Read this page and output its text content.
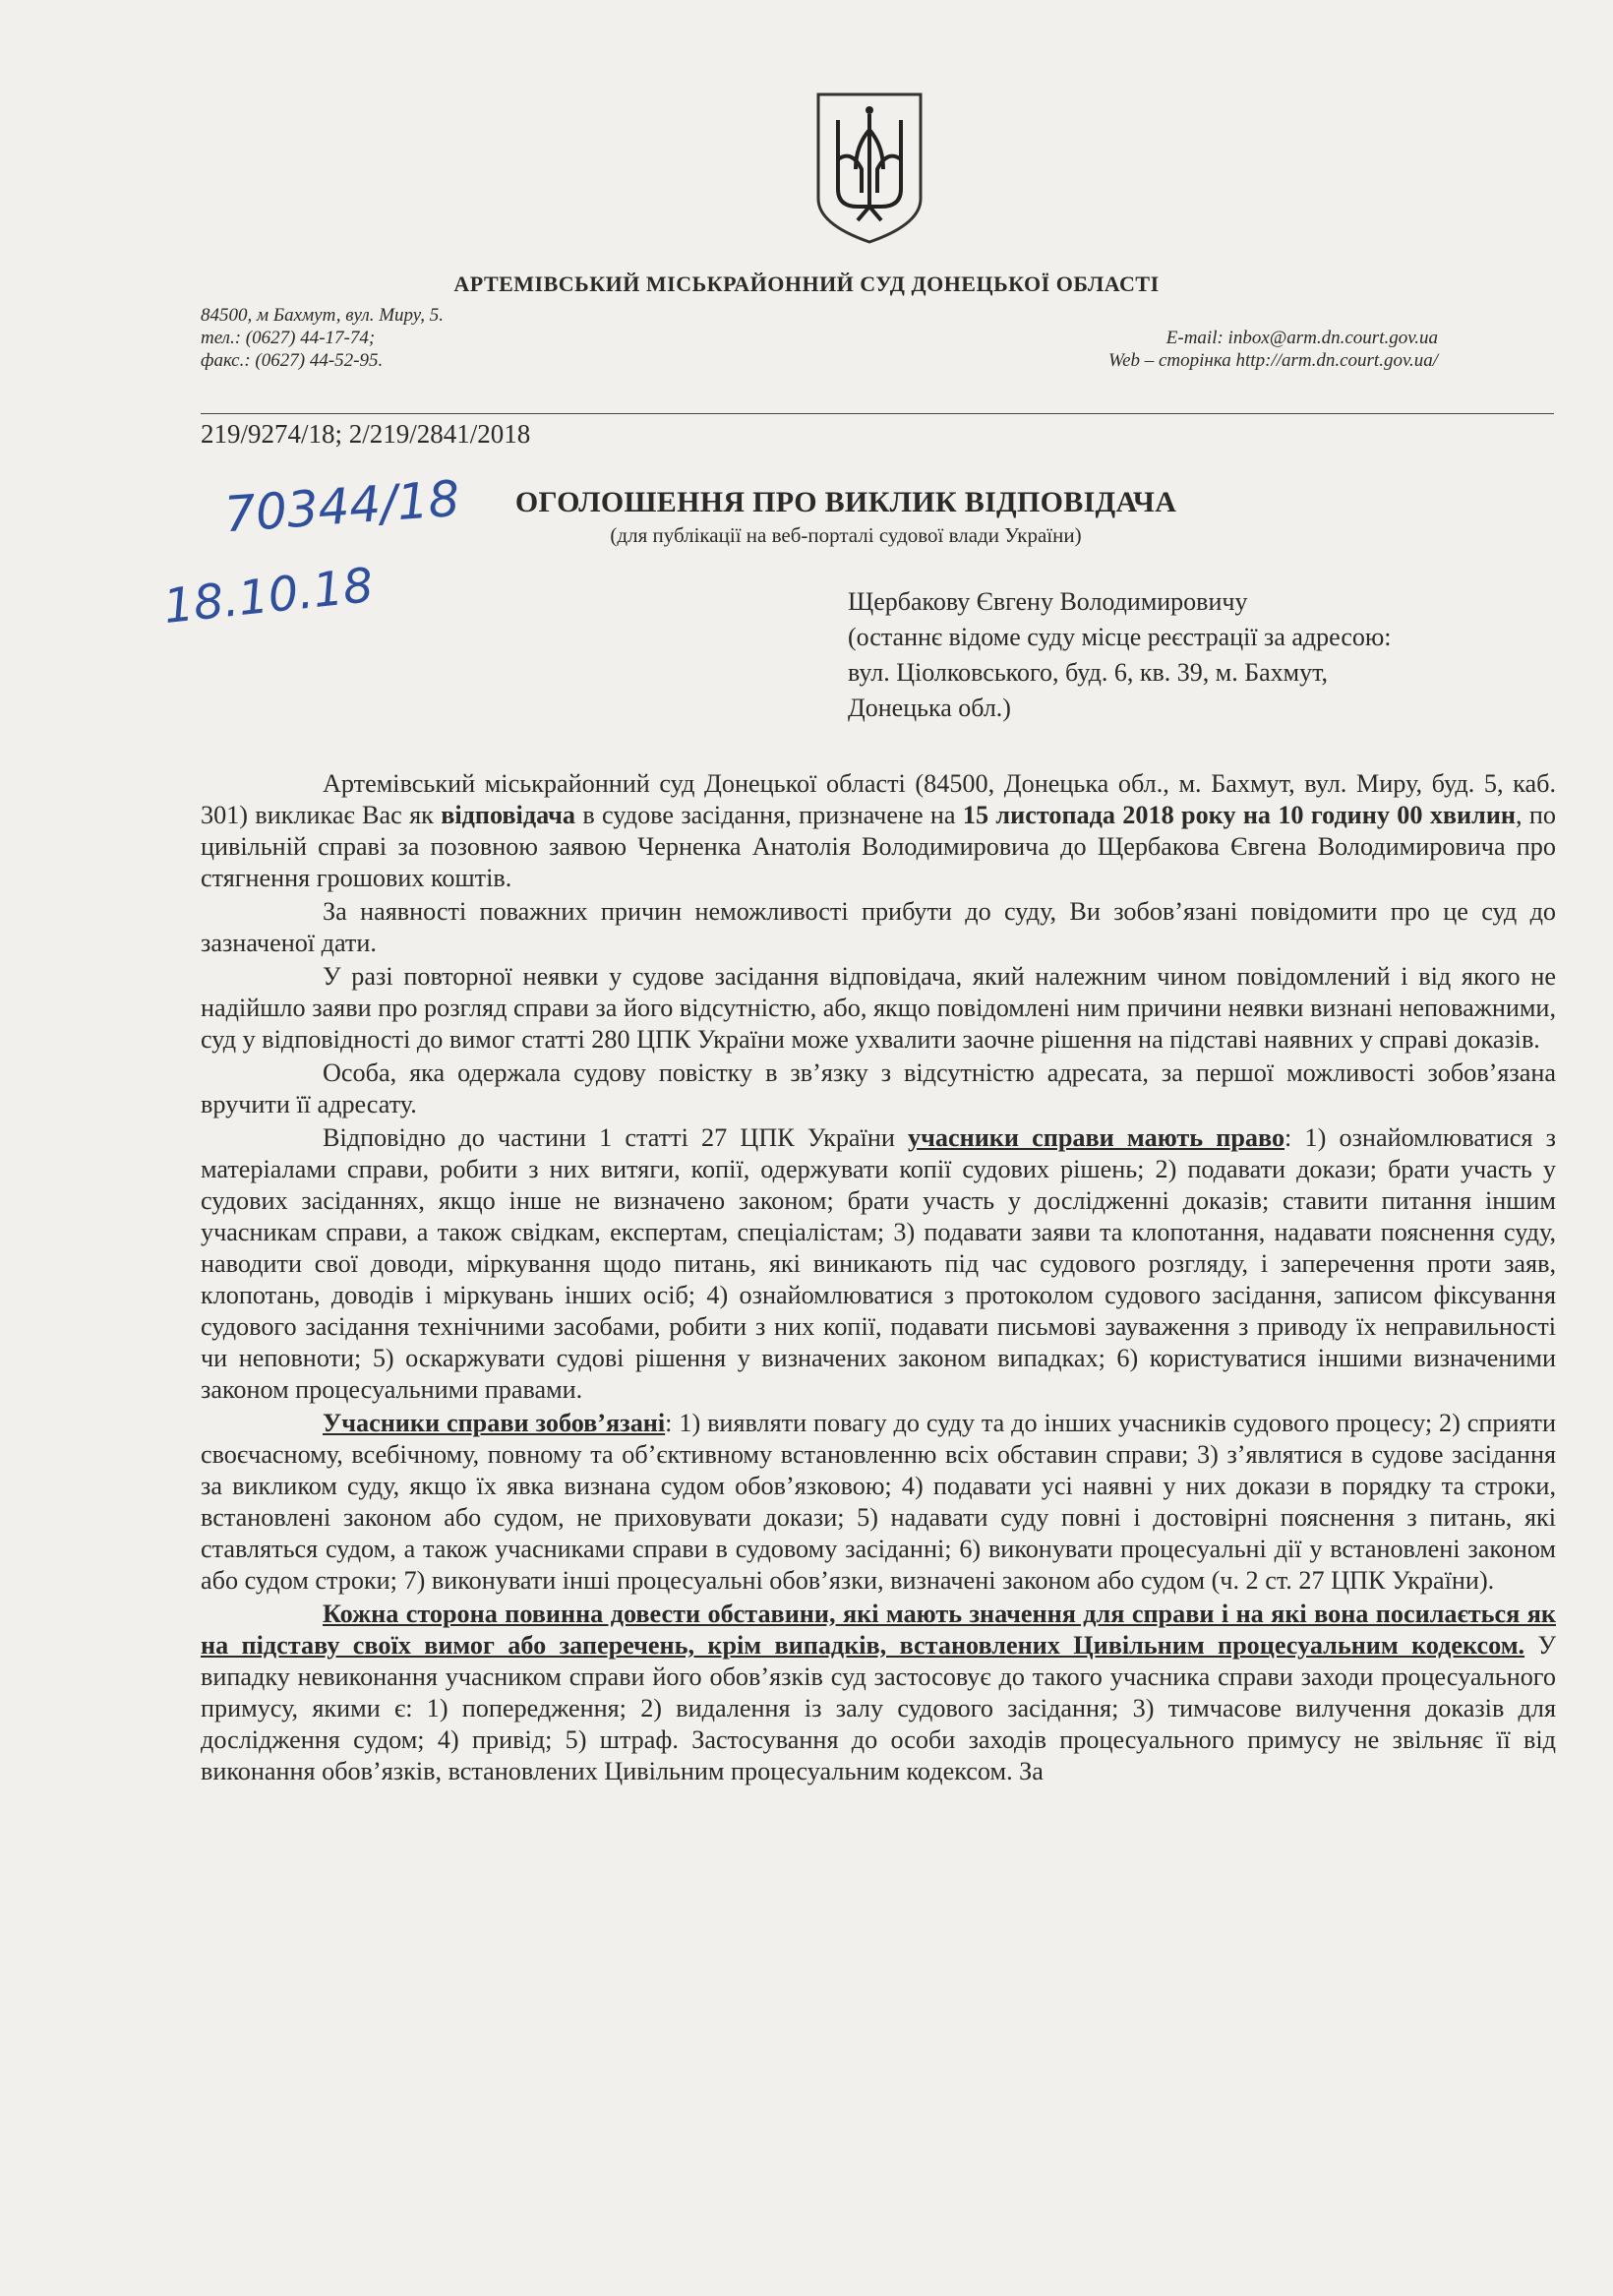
АРТЕМІВСЬКИЙ МІСЬКРАЙОННИЙ СУД ДОНЕЦЬКОЇ ОБЛАСТІ
84500, м Бахмут, вул. Миру, 5.
тел.: (0627) 44-17-74;
факс.: (0627) 44-52-95.
E-mail: inbox@arm.dn.court.gov.ua
Web – сторінка http://arm.dn.court.gov.ua/
219/9274/18; 2/219/2841/2018
70344/18
18.10.18
ОГОЛОШЕННЯ ПРО ВИКЛИК ВІДПОВІДАЧА
(для публікації на веб-порталі судової влади України)
Щербакову Євгену Володимировичу
(останнє відоме суду місце реєстрації за адресою:
вул. Ціолковського, буд. 6, кв. 39, м. Бахмут,
Донецька обл.)

Артемівський міськрайонний суд Донецької області (84500, Донецька обл., м. Бахмут, вул. Миру, буд. 5, каб. 301) викликає Вас як відповідача в судове засідання, призначене на 15 листопада 2018 року на 10 годину 00 хвилин, по цивільній справі за позовною заявою Черненка Анатолія Володимировича до Щербакова Євгена Володимировича про стягнення грошових коштів.

За наявності поважних причин неможливості прибути до суду, Ви зобов’язані повідомити про це суд до зазначеної дати.

У разі повторної неявки у судове засідання відповідача, який належним чином повідомлений і від якого не надійшло заяви про розгляд справи за його відсутністю, або, якщо повідомлені ним причини неявки визнані неповажними, суд у відповідності до вимог статті 280 ЦПК України може ухвалити заочне рішення на підставі наявних у справі доказів.

Особа, яка одержала судову повістку в зв’язку з відсутністю адресата, за першої можливості зобов’язана вручити її адресату.

Відповідно до частини 1 статті 27 ЦПК України учасники справи мають право: 1) ознайомлюватися з матеріалами справи, робити з них витяги, копії, одержувати копії судових рішень; 2) подавати докази; брати участь у судових засіданнях, якщо інше не визначено законом; брати участь у дослідженні доказів; ставити питання іншим учасникам справи, а також свідкам, експертам, спеціалістам; 3) подавати заяви та клопотання, надавати пояснення суду, наводити свої доводи, міркування щодо питань, які виникають під час судового розгляду, і заперечення проти заяв, клопотань, доводів і міркувань інших осіб; 4) ознайомлюватися з протоколом судового засідання, записом фіксування судового засідання технічними засобами, робити з них копії, подавати письмові зауваження з приводу їх неправильності чи неповноти; 5) оскаржувати судові рішення у визначених законом випадках; 6) користуватися іншими визначеними законом процесуальними правами.

Учасники справи зобов’язані: 1) виявляти повагу до суду та до інших учасників судового процесу; 2) сприяти своєчасному, всебічному, повному та об’єктивному встановленню всіх обставин справи; 3) з’являтися в судове засідання за викликом суду, якщо їх явка визнана судом обов’язковою; 4) подавати усі наявні у них докази в порядку та строки, встановлені законом або судом, не приховувати докази; 5) надавати суду повні і достовірні пояснення з питань, які ставляться судом, а також учасниками справи в судовому засіданні; 6) виконувати процесуальні дії у встановлені законом або судом строки; 7) виконувати інші процесуальні обов’язки, визначені законом або судом (ч. 2 ст. 27 ЦПК України).

Кожна сторона повинна довести обставини, які мають значення для справи і на які вона посилається як на підставу своїх вимог або заперечень, крім випадків, встановлених Цивільним процесуальним кодексом. У випадку невиконання учасником справи його обов’язків суд застосовує до такого учасника справи заходи процесуального примусу, якими є: 1) попередження; 2) видалення із залу судового засідання; 3) тимчасове вилучення доказів для дослідження судом; 4) привід; 5) штраф. Застосування до особи заходів процесуального примусу не звільняє її від виконання обов’язків, встановлених Цивільним процесуальним кодексом. За
